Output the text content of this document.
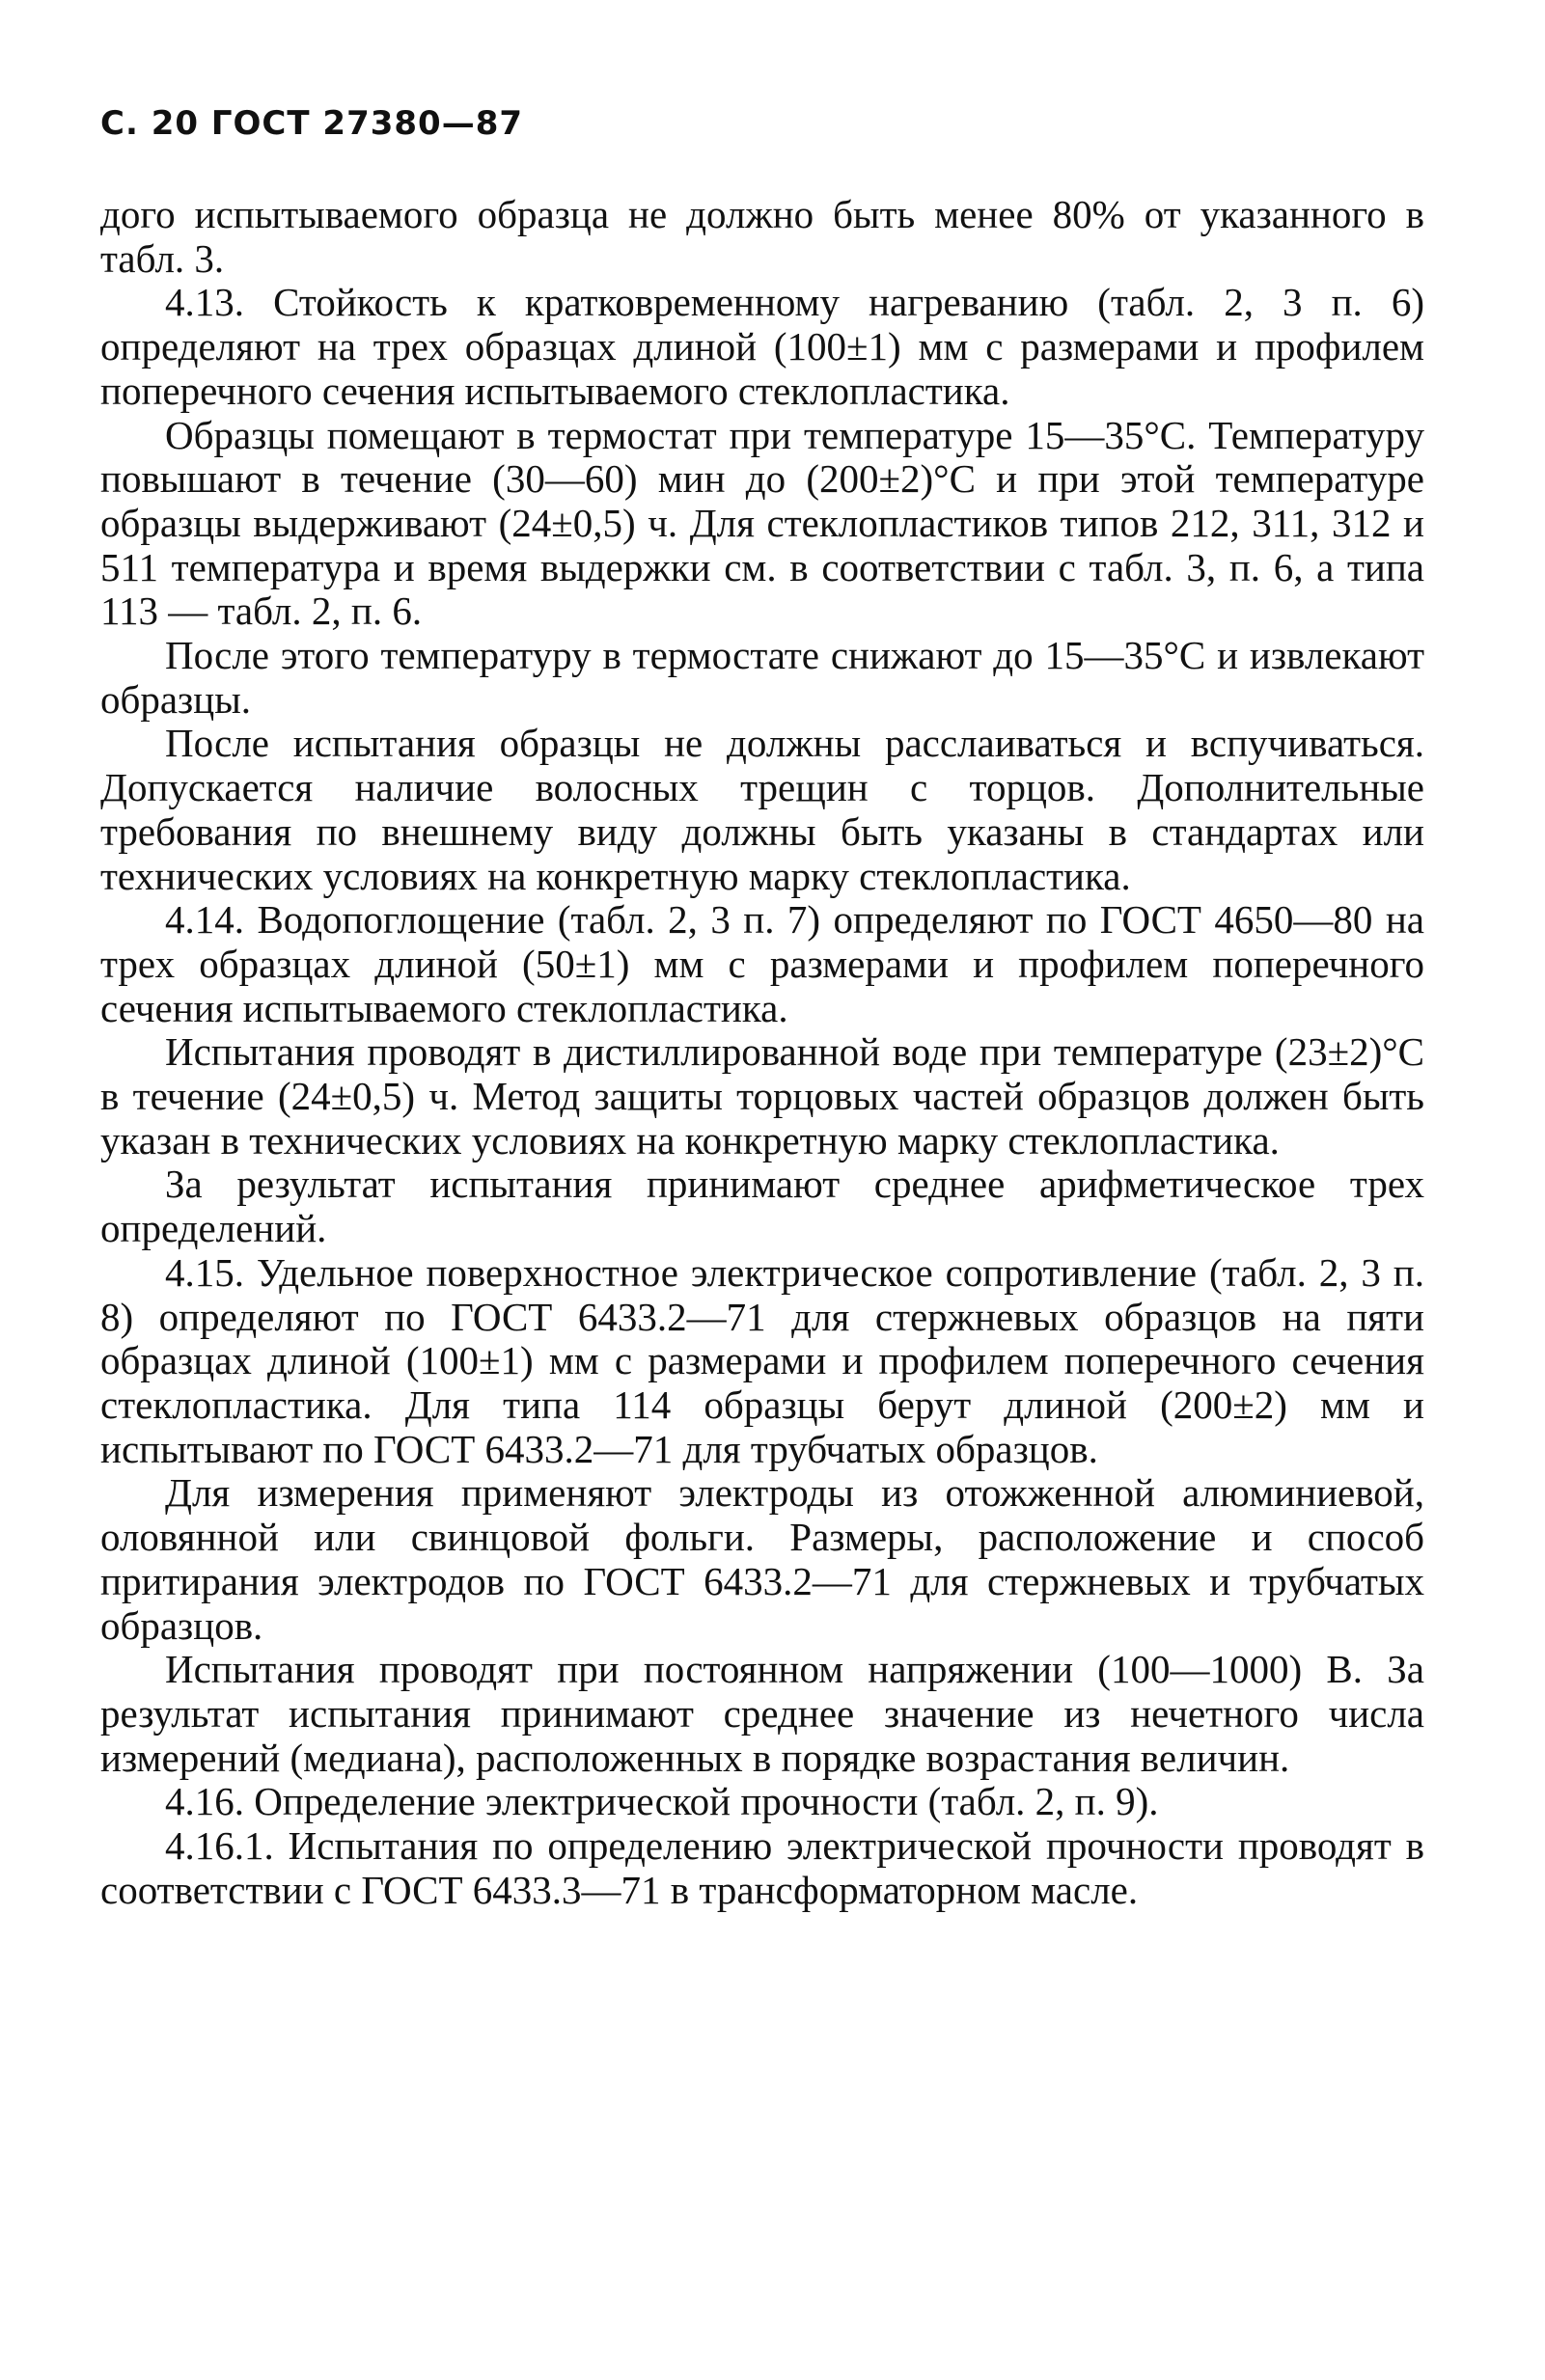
С. 20 ГОСТ 27380—87

дого испытываемого образца не должно быть менее 80% от указанного в табл. 3.

4.13. Стойкость к кратковременному нагреванию (табл. 2, 3 п. 6) определяют на трех образцах длиной (100±1) мм с размерами и профилем поперечного сечения испытываемого стеклопластика.

Образцы помещают в термостат при температуре 15—35°С. Температуру повышают в течение (30—60) мин до (200±2)°С и при этой температуре образцы выдерживают (24±0,5) ч. Для стеклопластиков типов 212, 311, 312 и 511 температура и время выдержки см. в соответствии с табл. 3, п. 6, а типа 113 — табл. 2, п. 6.

После этого температуру в термостате снижают до 15—35°С и извлекают образцы.

После испытания образцы не должны расслаиваться и вспучиваться. Допускается наличие волосных трещин с торцов. Дополнительные требования по внешнему виду должны быть указаны в стандартах или технических условиях на конкретную марку стеклопластика.

4.14. Водопоглощение (табл. 2, 3 п. 7) определяют по ГОСТ 4650—80 на трех образцах длиной (50±1) мм с размерами и профилем поперечного сечения испытываемого стеклопластика.

Испытания проводят в дистиллированной воде при температуре (23±2)°С в течение (24±0,5) ч. Метод защиты торцовых частей образцов должен быть указан в технических условиях на конкретную марку стеклопластика.

За результат испытания принимают среднее арифметическое трех определений.

4.15. Удельное поверхностное электрическое сопротивление (табл. 2, 3 п. 8) определяют по ГОСТ 6433.2—71 для стержневых образцов на пяти образцах длиной (100±1) мм с размерами и профилем поперечного сечения стеклопластика. Для типа 114 образцы берут длиной (200±2) мм и испытывают по ГОСТ 6433.2—71 для трубчатых образцов.

Для измерения применяют электроды из отожженной алюминиевой, оловянной или свинцовой фольги. Размеры, расположение и способ притирания электродов по ГОСТ 6433.2—71 для стержневых и трубчатых образцов.

Испытания проводят при постоянном напряжении (100—1000) В. За результат испытания принимают среднее значение из нечетного числа измерений (медиана), расположенных в порядке возрастания величин.

4.16. Определение электрической прочности (табл. 2, п. 9).

4.16.1. Испытания по определению электрической прочности проводят в соответствии с ГОСТ 6433.3—71 в трансформаторном масле.
